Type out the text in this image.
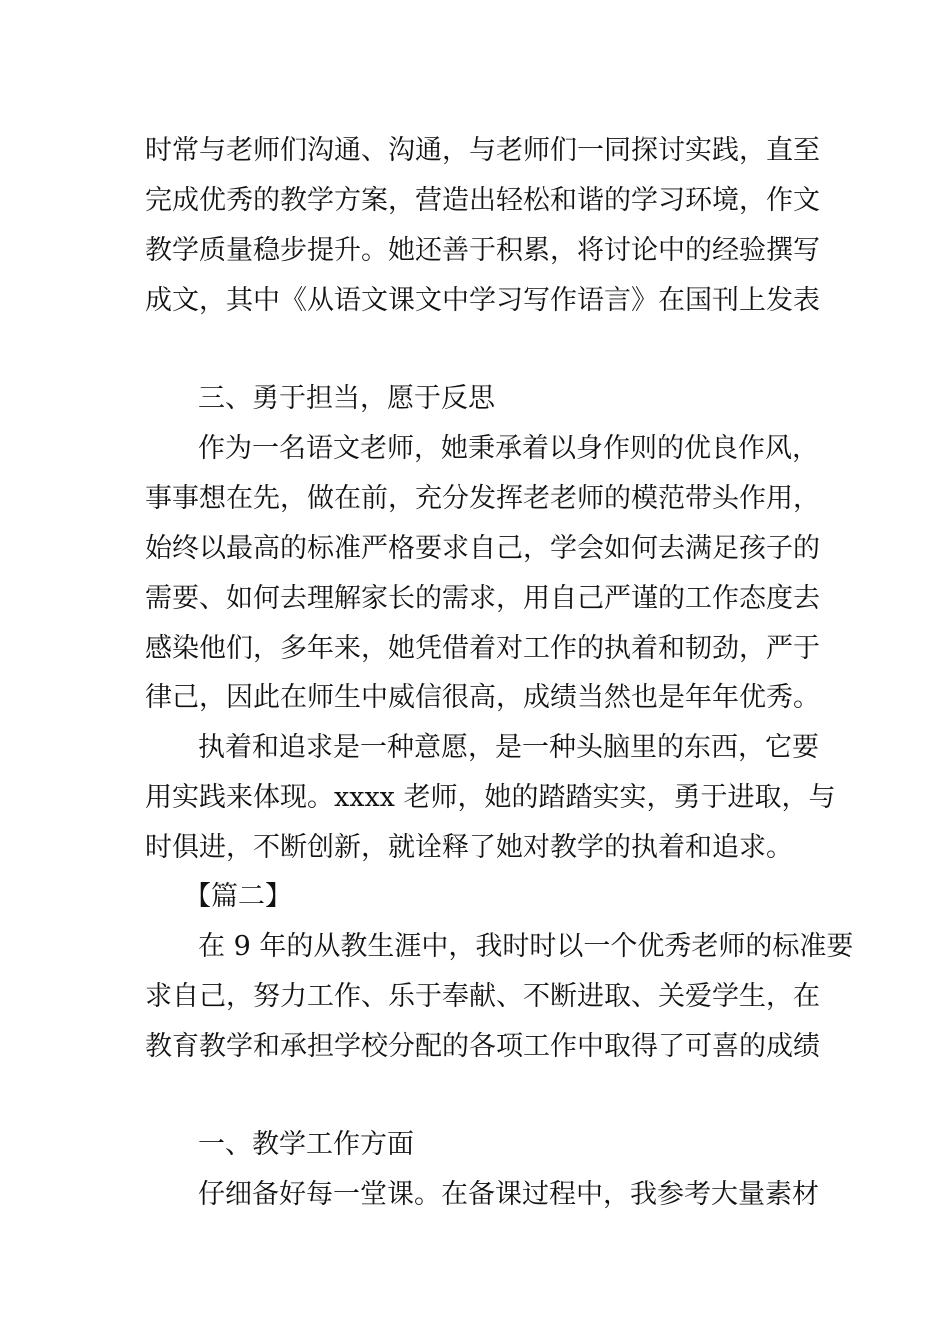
时常与老师们沟通、沟通，与老师们一同探讨实践，直至
完成优秀的教学方案，营造出轻松和谐的学习环境，作文
教学质量稳步提升。她还善于积累，将讨论中的经验撰写
成文，其中《从语文课文中学习写作语言》在国刊上发表
三、勇于担当，愿于反思
作为一名语文老师，她秉承着以身作则的优良作风，
事事想在先，做在前，充分发挥老老师的模范带头作用，
始终以最高的标准严格要求自己，学会如何去满足孩子的
需要、如何去理解家长的需求，用自己严谨的工作态度去
感染他们，多年来，她凭借着对工作的执着和韧劲，严于
律己，因此在师生中威信很高，成绩当然也是年年优秀。
执着和追求是一种意愿，是一种头脑里的东西，它要
用实践来体现。xxxx 老师，她的踏踏实实，勇于进取，与
时俱进，不断创新，就诠释了她对教学的执着和追求。
【篇二】
在 9 年的从教生涯中，我时时以一个优秀老师的标准要
求自己，努力工作、乐于奉献、不断进取、关爱学生，在
教育教学和承担学校分配的各项工作中取得了可喜的成绩
一、教学工作方面
仔细备好每一堂课。在备课过程中，我参考大量素材
